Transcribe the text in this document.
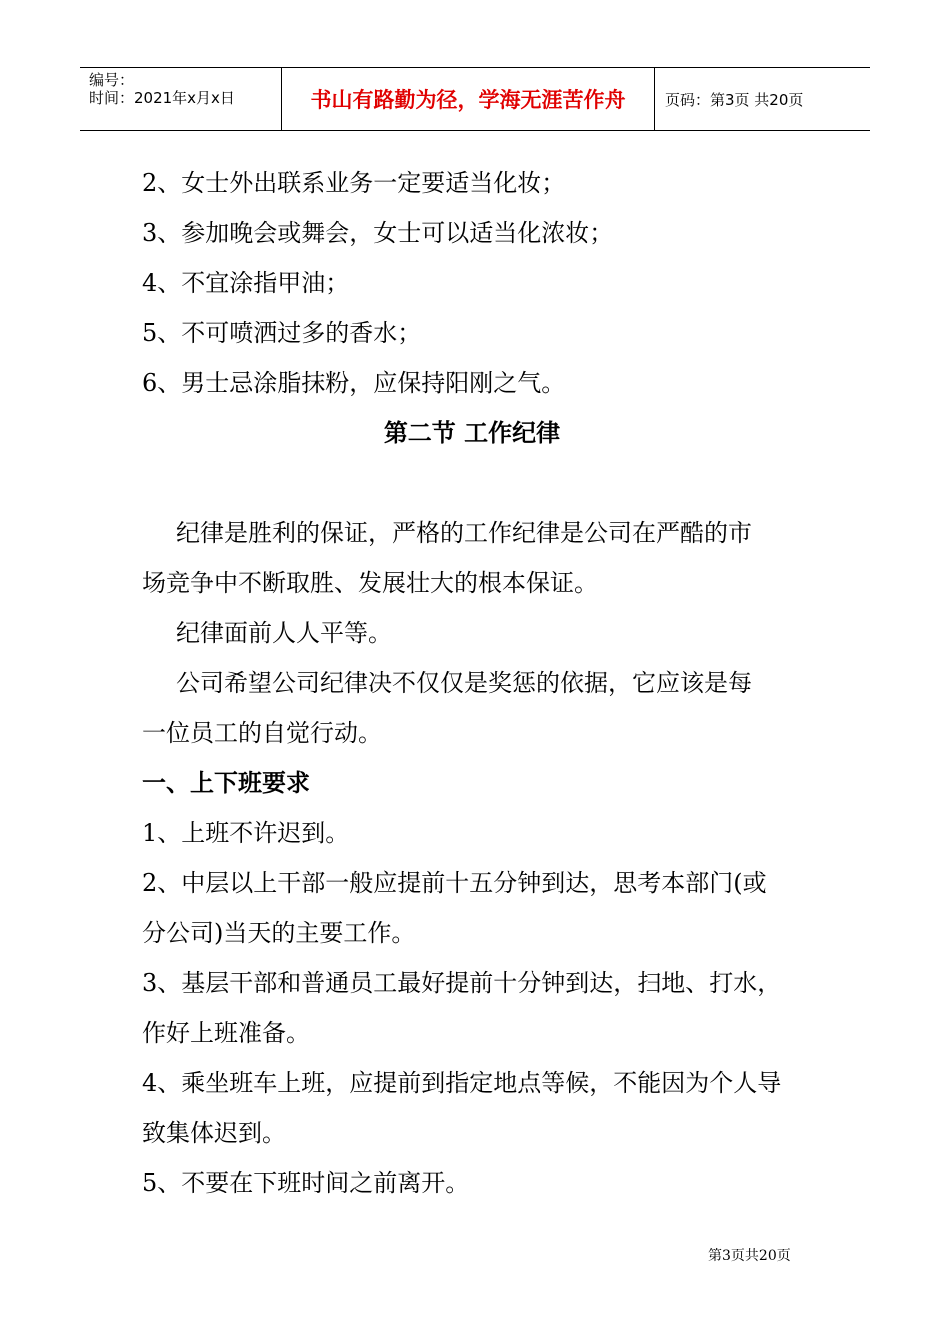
编号：
时间：2021年x月x日	书山有路勤为径，学海无涯苦作舟	页码：第3页 共20页
2、女士外出联系业务一定要适当化妆；
3、参加晚会或舞会，女士可以适当化浓妆；
4、不宜涂指甲油；
5、不可喷洒过多的香水；
6、男士忌涂脂抹粉，应保持阳刚之气。
第二节 工作纪律
纪律是胜利的保证，严格的工作纪律是公司在严酷的市
场竞争中不断取胜、发展壮大的根本保证。
纪律面前人人平等。
公司希望公司纪律决不仅仅是奖惩的依据，它应该是每
一位员工的自觉行动。
一、上下班要求
1、上班不许迟到。
2、中层以上干部一般应提前十五分钟到达，思考本部门(或
分公司)当天的主要工作。
3、基层干部和普通员工最好提前十分钟到达，扫地、打水，
作好上班准备。
4、乘坐班车上班，应提前到指定地点等候，不能因为个人导
致集体迟到。
5、不要在下班时间之前离开。
第3页共20页
